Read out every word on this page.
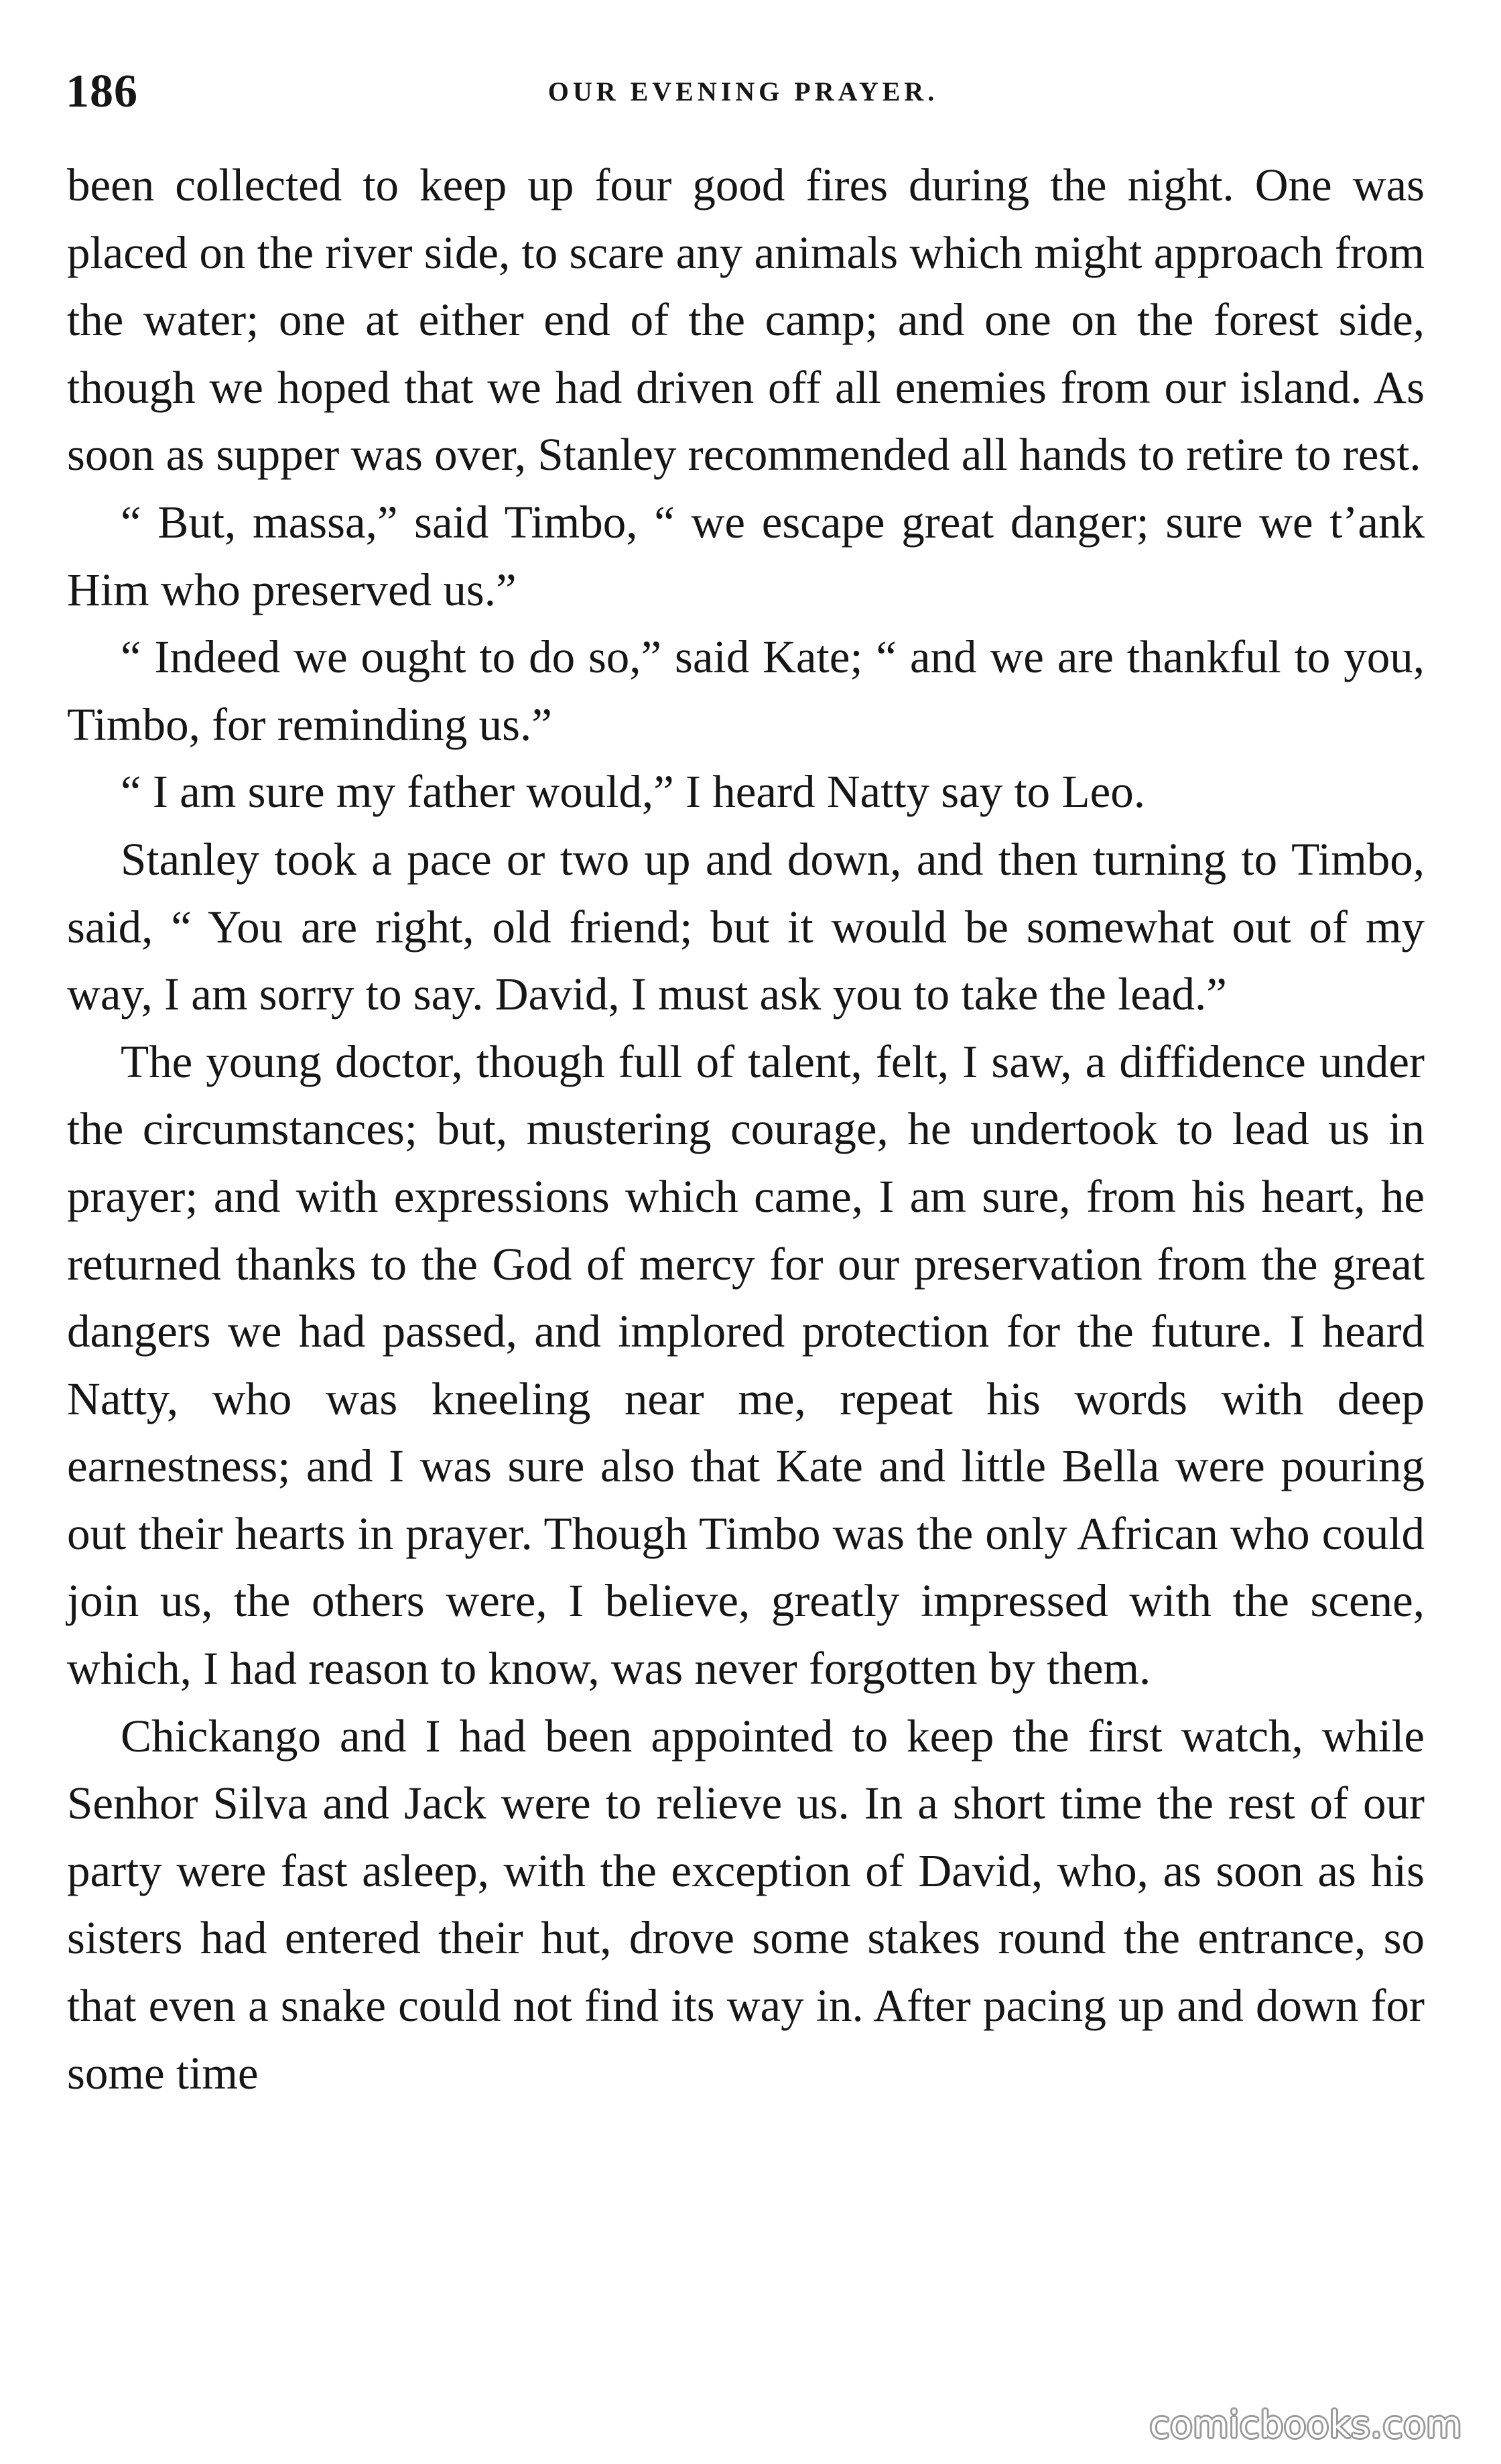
186	OUR EVENING PRAYER.

been collected to keep up four good fires during the night. One was placed on the river side, to scare any animals which might approach from the water; one at either end of the camp; and one on the forest side, though we hoped that we had driven off all enemies from our island. As soon as supper was over, Stanley recommended all hands to retire to rest.

“ But, massa,” said Timbo, “ we escape great danger; sure we t’ank Him who preserved us.”

“ Indeed we ought to do so,” said Kate; “ and we are thankful to you, Timbo, for reminding us.”

“ I am sure my father would,” I heard Natty say to Leo.

Stanley took a pace or two up and down, and then turning to Timbo, said, “ You are right, old friend; but it would be somewhat out of my way, I am sorry to say. David, I must ask you to take the lead.”

The young doctor, though full of talent, felt, I saw, a diffidence under the circumstances; but, mustering courage, he undertook to lead us in prayer; and with expressions which came, I am sure, from his heart, he returned thanks to the God of mercy for our preservation from the great dangers we had passed, and implored protection for the future. I heard Natty, who was kneeling near me, repeat his words with deep earnestness; and I was sure also that Kate and little Bella were pouring out their hearts in prayer. Though Timbo was the only African who could join us, the others were, I believe, greatly impressed with the scene, which, I had reason to know, was never forgotten by them.

Chickango and I had been appointed to keep the first watch, while Senhor Silva and Jack were to relieve us. In a short time the rest of our party were fast asleep, with the exception of David, who, as soon as his sisters had entered their hut, drove some stakes round the entrance, so that even a snake could not find its way in. After pacing up and down for some time

comicbooks.com
